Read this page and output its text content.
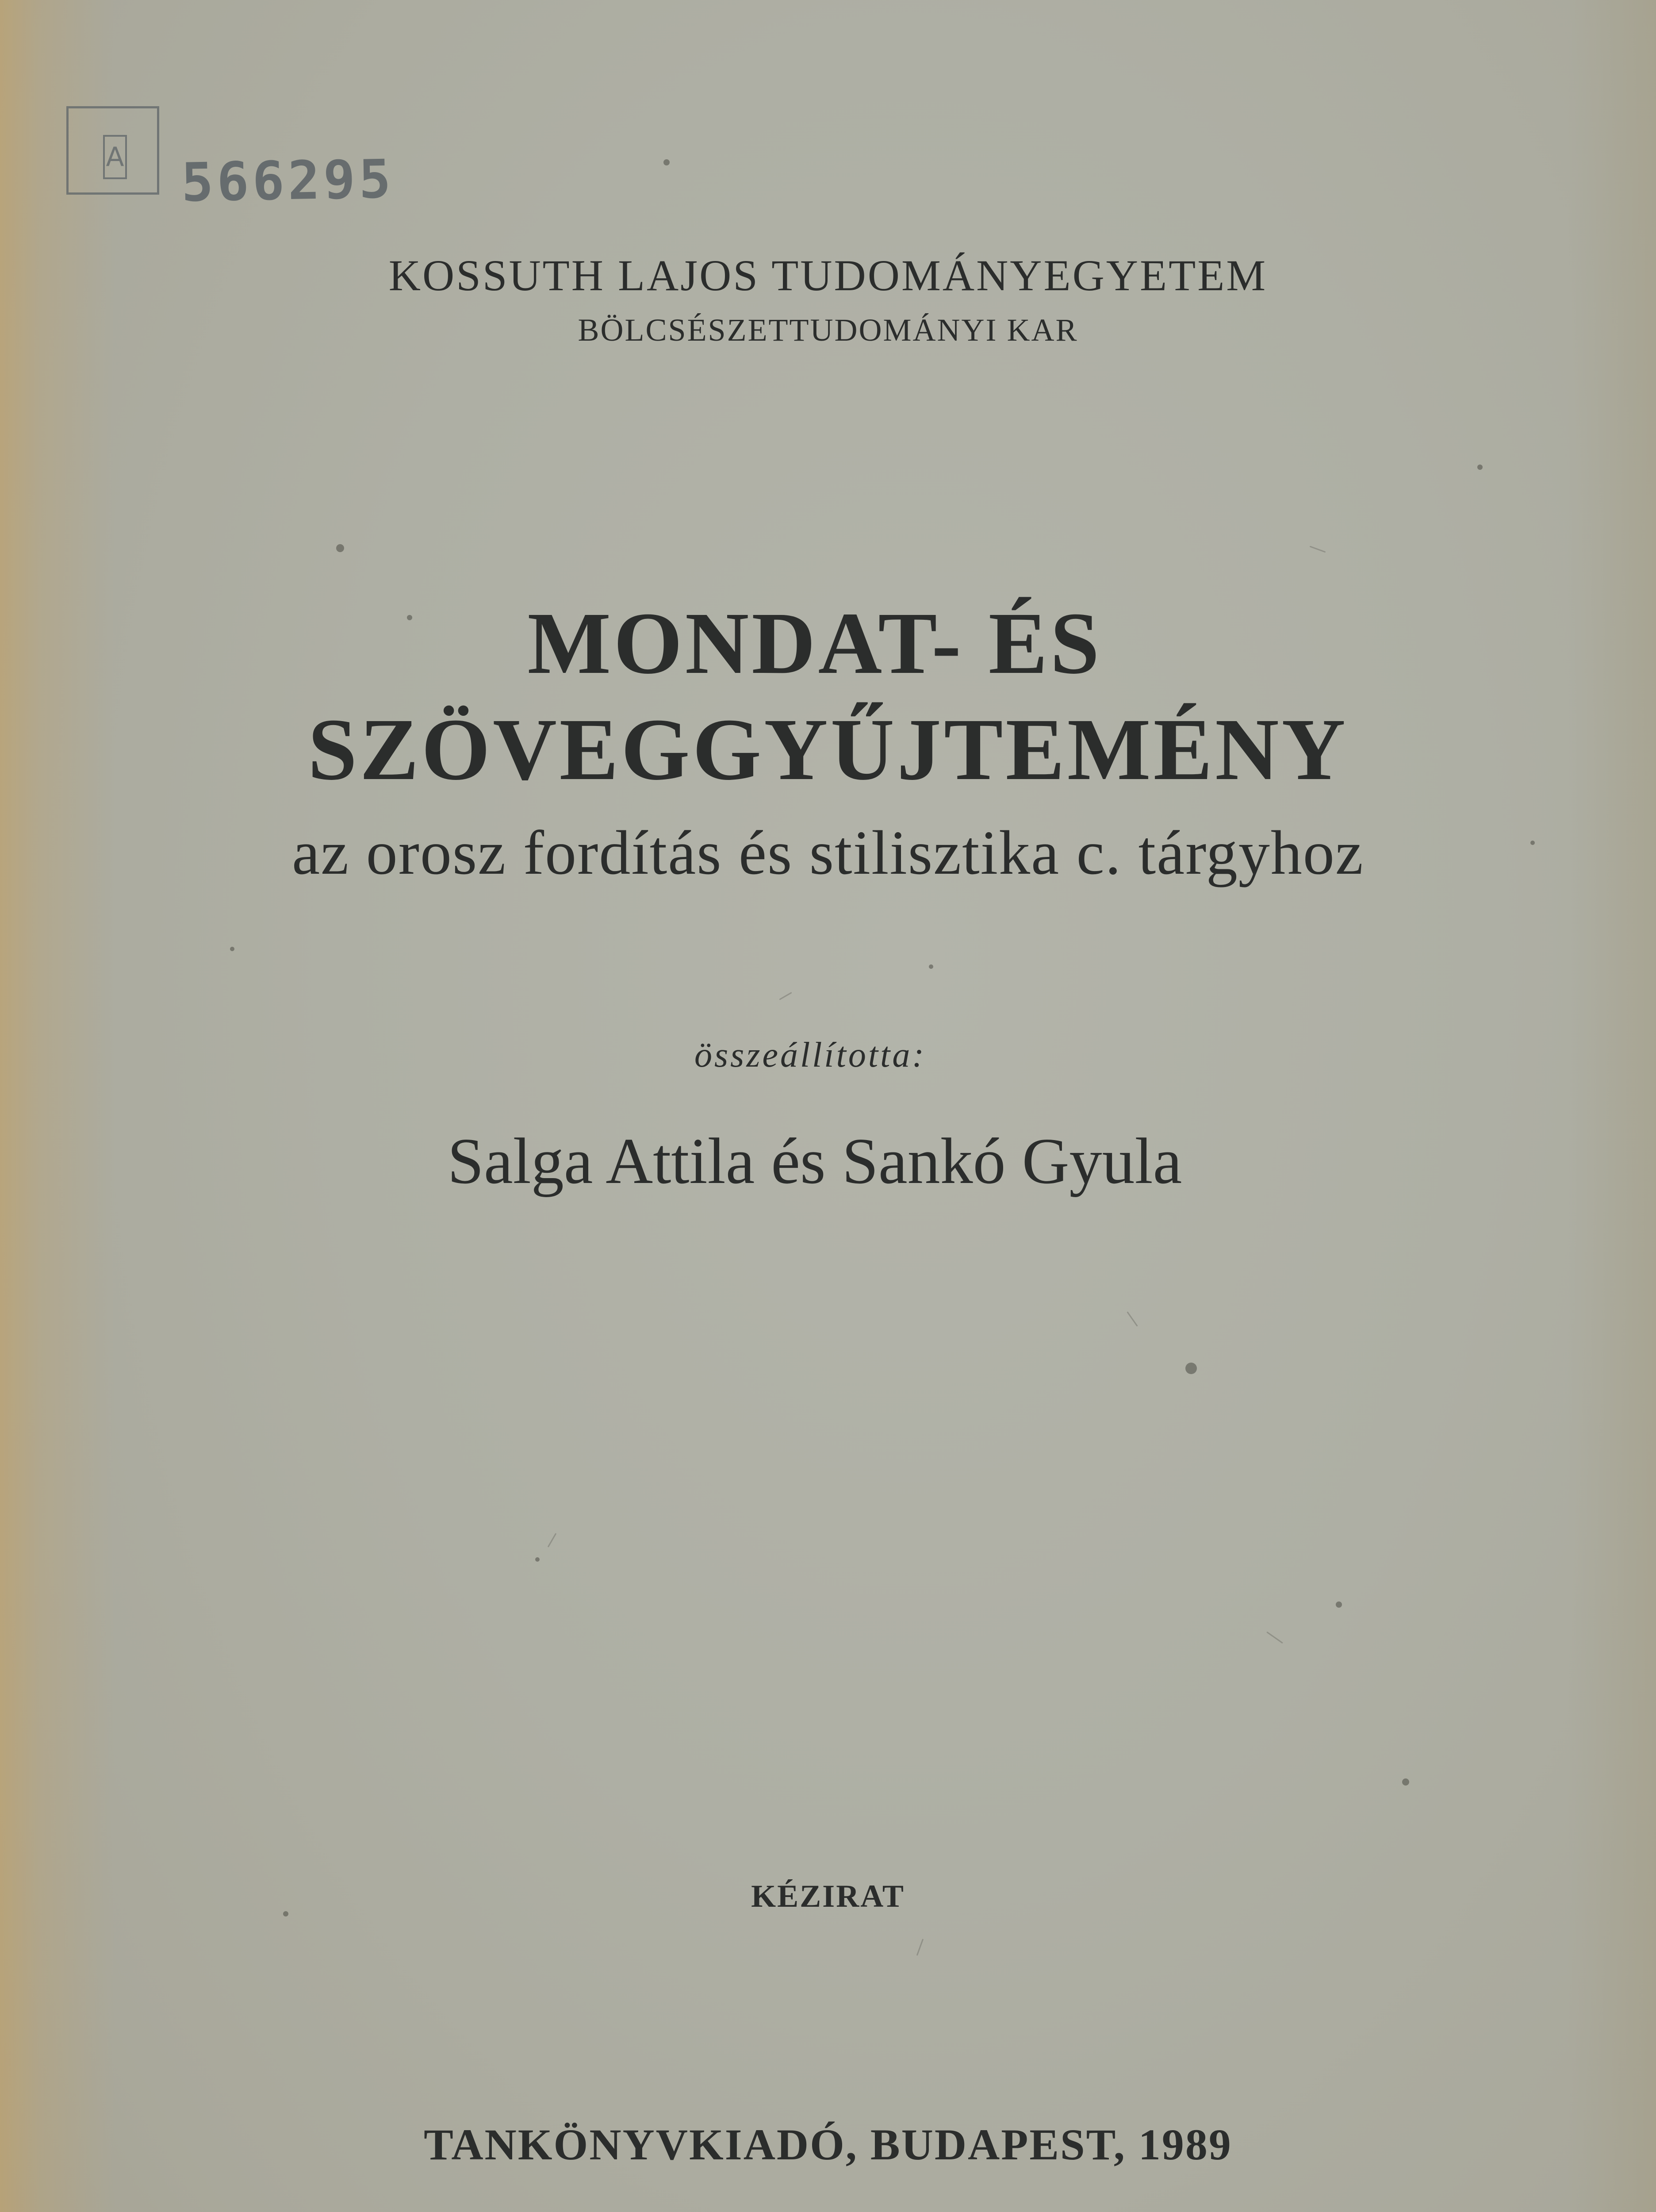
A 566295
KOSSUTH LAJOS TUDOMÁNYEGYETEM
BÖLCSÉSZETTUDOMÁNYI KAR
MONDAT- ÉS
SZÖVEGGYŰJTEMÉNY
az orosz fordítás és stilisztika c. tárgyhoz
összeállította:
Salga Attila és Sankó Gyula
KÉZIRAT
TANKÖNYVKIADÓ, BUDAPEST, 1989
